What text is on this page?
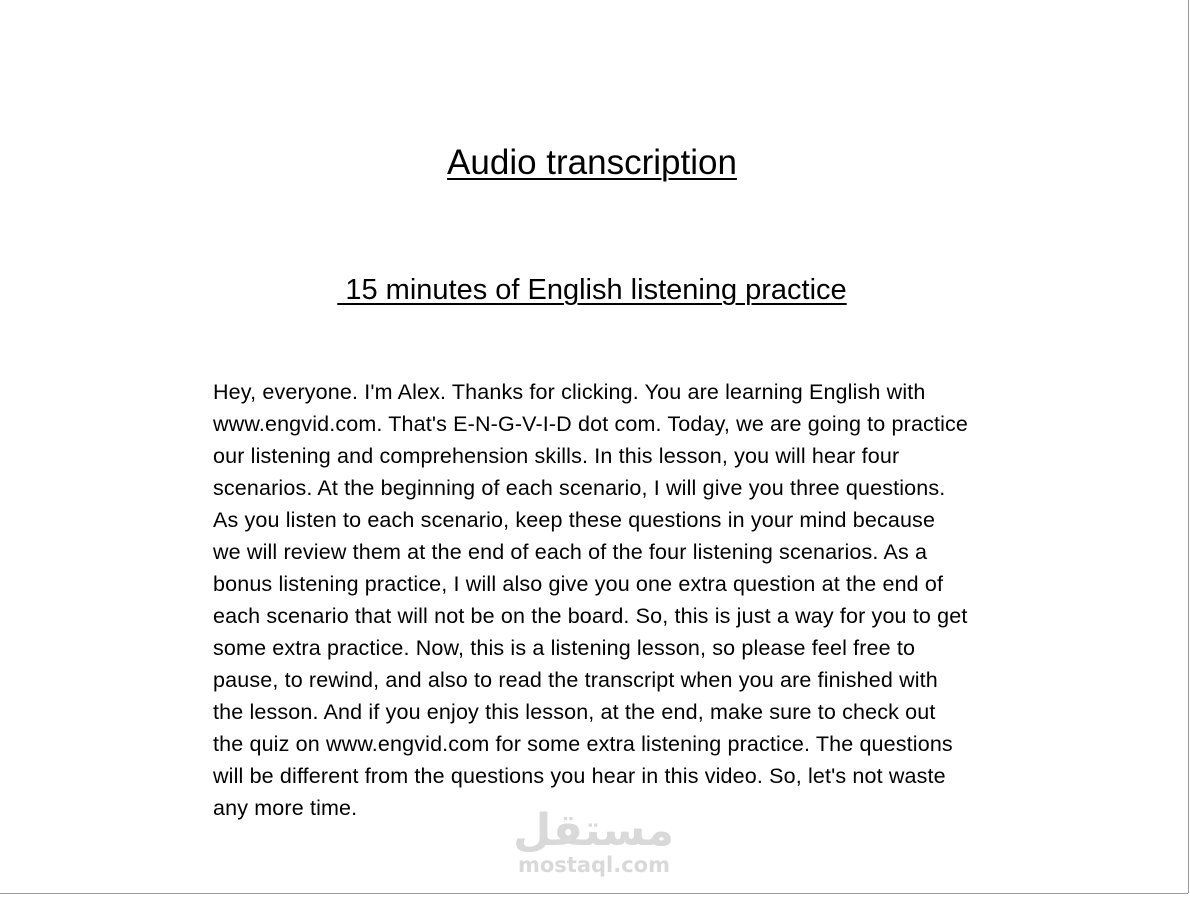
Audio transcription
15 minutes of English listening practice
Hey, everyone. I'm Alex. Thanks for clicking. You are learning English with
www.engvid.com. That's E-N-G-V-I-D dot com. Today, we are going to practice
our listening and comprehension skills. In this lesson, you will hear four
scenarios. At the beginning of each scenario, I will give you three questions.
As you listen to each scenario, keep these questions in your mind because
we will review them at the end of each of the four listening scenarios. As a
bonus listening practice, I will also give you one extra question at the end of
each scenario that will not be on the board. So, this is just a way for you to get
some extra practice. Now, this is a listening lesson, so please feel free to
pause, to rewind, and also to read the transcript when you are finished with
the lesson. And if you enjoy this lesson, at the end, make sure to check out
the quiz on www.engvid.com for some extra listening practice. The questions
will be different from the questions you hear in this video. So, let's not waste
any more time.	مستقل
mostaql.com
